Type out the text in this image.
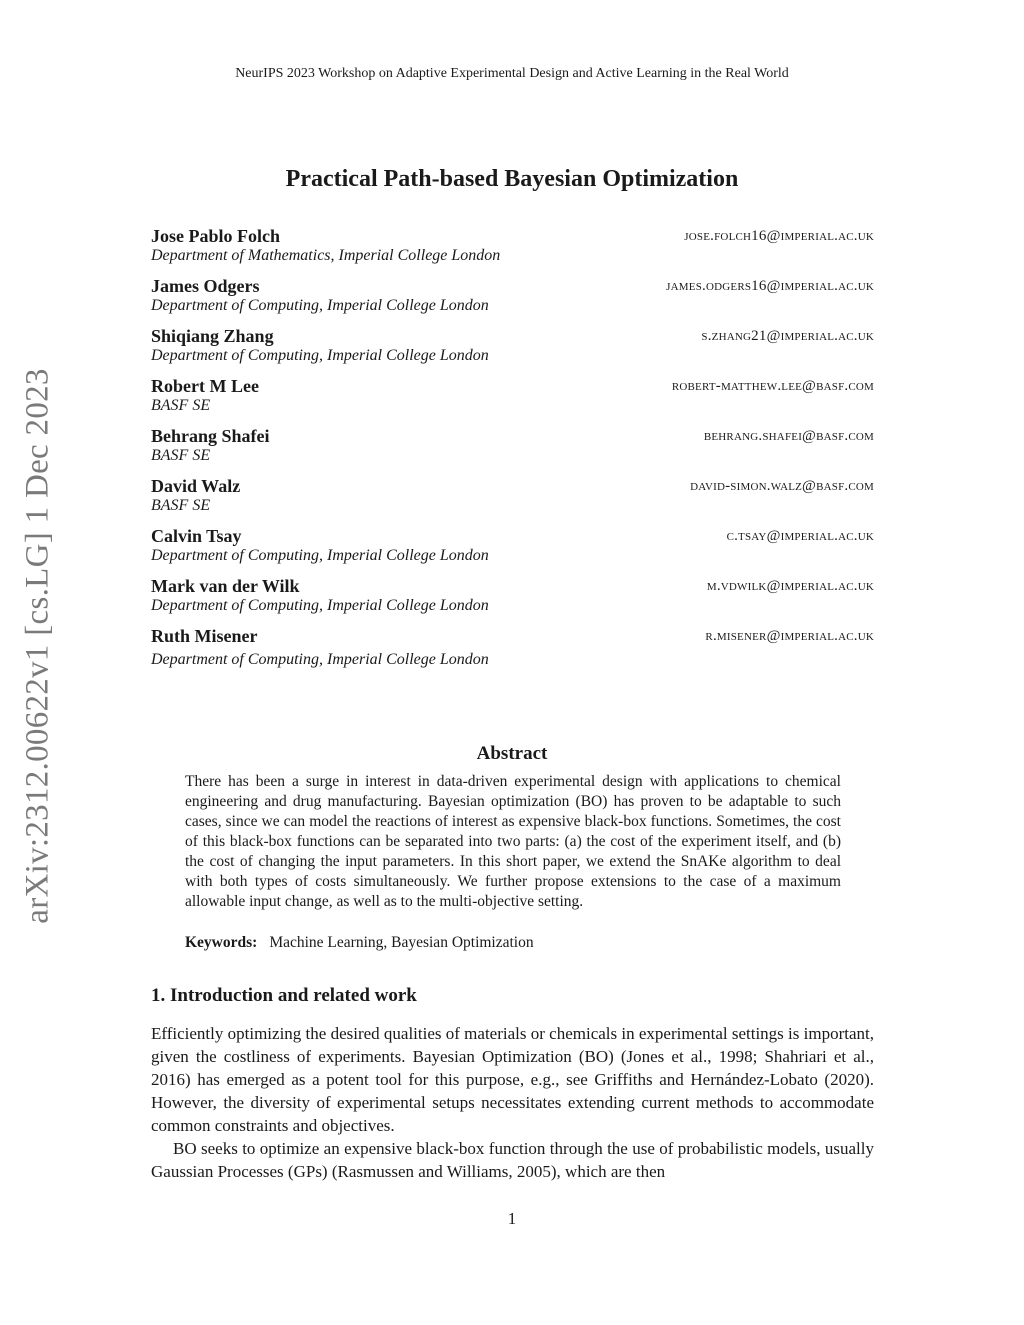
NeurIPS 2023 Workshop on Adaptive Experimental Design and Active Learning in the Real World
arXiv:2312.00622v1 [cs.LG] 1 Dec 2023
Practical Path-based Bayesian Optimization
Jose Pablo Folch	jose.folch16@imperial.ac.uk
Department of Mathematics, Imperial College London
James Odgers	james.odgers16@imperial.ac.uk
Department of Computing, Imperial College London
Shiqiang Zhang	s.zhang21@imperial.ac.uk
Department of Computing, Imperial College London
Robert M Lee	robert-matthew.lee@basf.com
BASF SE
Behrang Shafei	behrang.shafei@basf.com
BASF SE
David Walz	david-simon.walz@basf.com
BASF SE
Calvin Tsay	c.tsay@imperial.ac.uk
Department of Computing, Imperial College London
Mark van der Wilk	m.vdwilk@imperial.ac.uk
Department of Computing, Imperial College London
Ruth Misener	r.misener@imperial.ac.uk
Department of Computing, Imperial College London
Abstract
There has been a surge in interest in data-driven experimental design with applications to chemical engineering and drug manufacturing. Bayesian optimization (BO) has proven to be adaptable to such cases, since we can model the reactions of interest as expensive black-box functions. Sometimes, the cost of this black-box functions can be separated into two parts: (a) the cost of the experiment itself, and (b) the cost of changing the input parameters. In this short paper, we extend the SnAKe algorithm to deal with both types of costs simultaneously. We further propose extensions to the case of a maximum allowable input change, as well as to the multi-objective setting.
Keywords: Machine Learning, Bayesian Optimization
1. Introduction and related work

Efficiently optimizing the desired qualities of materials or chemicals in experimental settings is important, given the costliness of experiments. Bayesian Optimization (BO) (Jones et al., 1998; Shahriari et al., 2016) has emerged as a potent tool for this purpose, e.g., see Griffiths and Hernández-Lobato (2020). However, the diversity of experimental setups necessitates extending current methods to accommodate common constraints and objectives.

BO seeks to optimize an expensive black-box function through the use of probabilistic models, usually Gaussian Processes (GPs) (Rasmussen and Williams, 2005), which are then

1
